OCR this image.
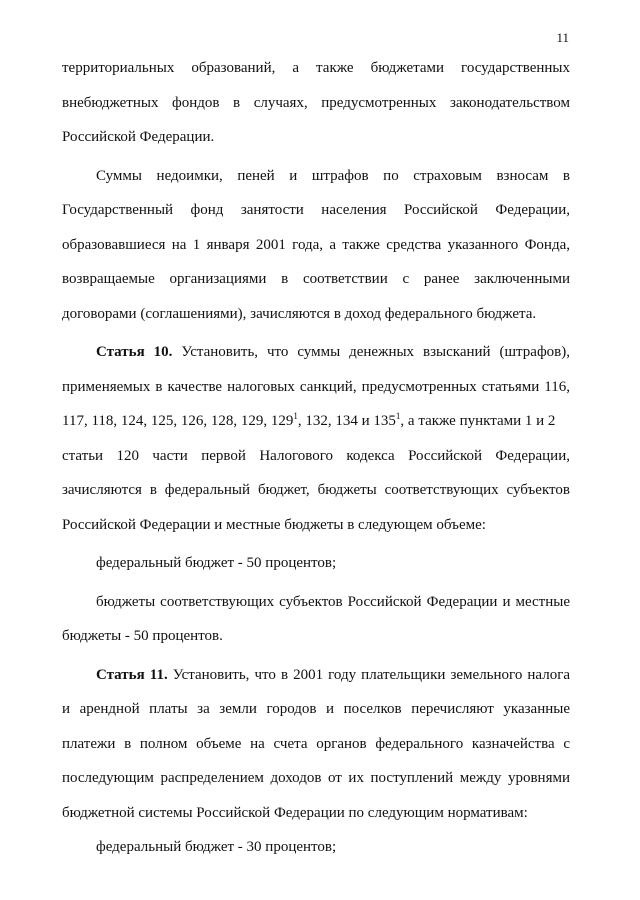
11
территориальных образований, а также бюджетами государственных
внебюджетных фондов в случаях, предусмотренных законодательством
Российской Федерации.
Суммы недоимки, пеней и штрафов по страховым взносам в
Государственный фонд занятости населения Российской Федерации,
образовавшиеся на 1 января 2001 года, а также средства указанного Фонда,
возвращаемые организациями в соответствии с ранее заключенными
договорами (соглашениями), зачисляются в доход федерального бюджета.
Статья 10. Установить, что суммы денежных взысканий (штрафов),
применяемых в качестве налоговых санкций, предусмотренных статьями 116,
117, 118, 124, 125, 126, 128, 129, $129^1$, 132, 134 и $135^1$, а также пунктами 1 и 2
статьи 120 части первой Налогового кодекса Российской Федерации,
зачисляются в федеральный бюджет, бюджеты соответствующих субъектов
Российской Федерации и местные бюджеты в следующем объеме:
федеральный бюджет - 50 процентов;
бюджеты соответствующих субъектов Российской Федерации и местные
бюджеты - 50 процентов.
Статья 11. Установить, что в 2001 году плательщики земельного налога
и арендной платы за земли городов и поселков перечисляют указанные
платежи в полном объеме на счета органов федерального казначейства с
последующим распределением доходов от их поступлений между уровнями
бюджетной системы Российской Федерации по следующим нормативам:
федеральный бюджет - 30 процентов;
